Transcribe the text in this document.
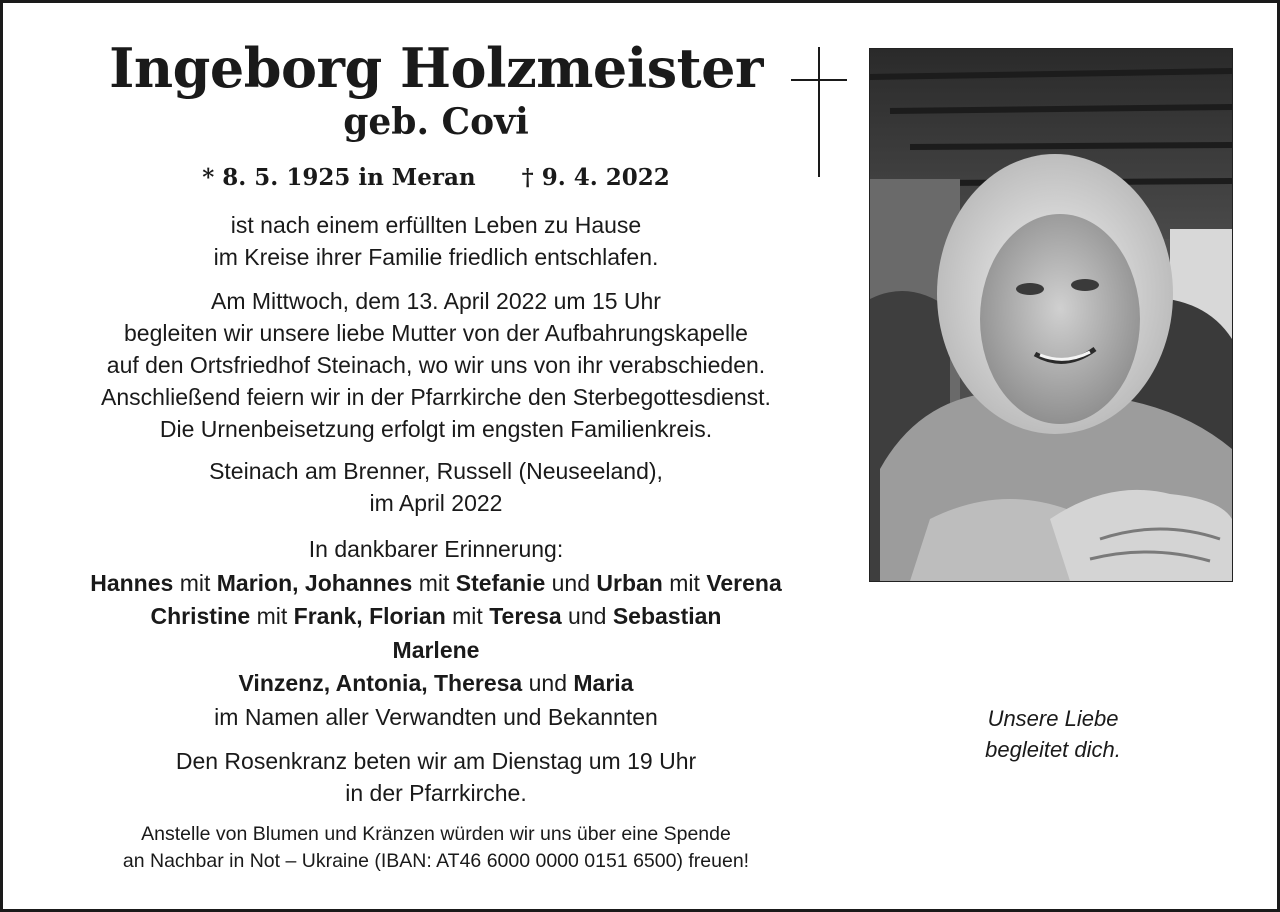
Ingeborg Holzmeister
geb. Covi
* 8. 5. 1925 in Meran † 9. 4. 2022

ist nach einem erfüllten Leben zu Hause

im Kreise ihrer Familie friedlich entschlafen.

Am Mittwoch, dem 13. April 2022 um 15 Uhr

begleiten wir unsere liebe Mutter von der Aufbahrungskapelle

auf den Ortsfriedhof Steinach, wo wir uns von ihr verabschieden.

Anschließend feiern wir in der Pfarrkirche den Sterbegottesdienst.

Die Urnenbeisetzung erfolgt im engsten Familienkreis.

Steinach am Brenner, Russell (Neuseeland),

im April 2022

In dankbarer Erinnerung:

Hannes mit Marion, Johannes mit Stefanie und Urban mit Verena

Christine mit Frank, Florian mit Teresa und Sebastian

Marlene

Vinzenz, Antonia, Theresa und Maria

im Namen aller Verwandten und Bekannten

Den Rosenkranz beten wir am Dienstag um 19 Uhr

in der Pfarrkirche.

Anstelle von Blumen und Kränzen würden wir uns über eine Spende

an Nachbar in Not – Ukraine (IBAN: AT46 6000 0000 0151 6500) freuen!

Unsere Liebe

begleitet dich.
